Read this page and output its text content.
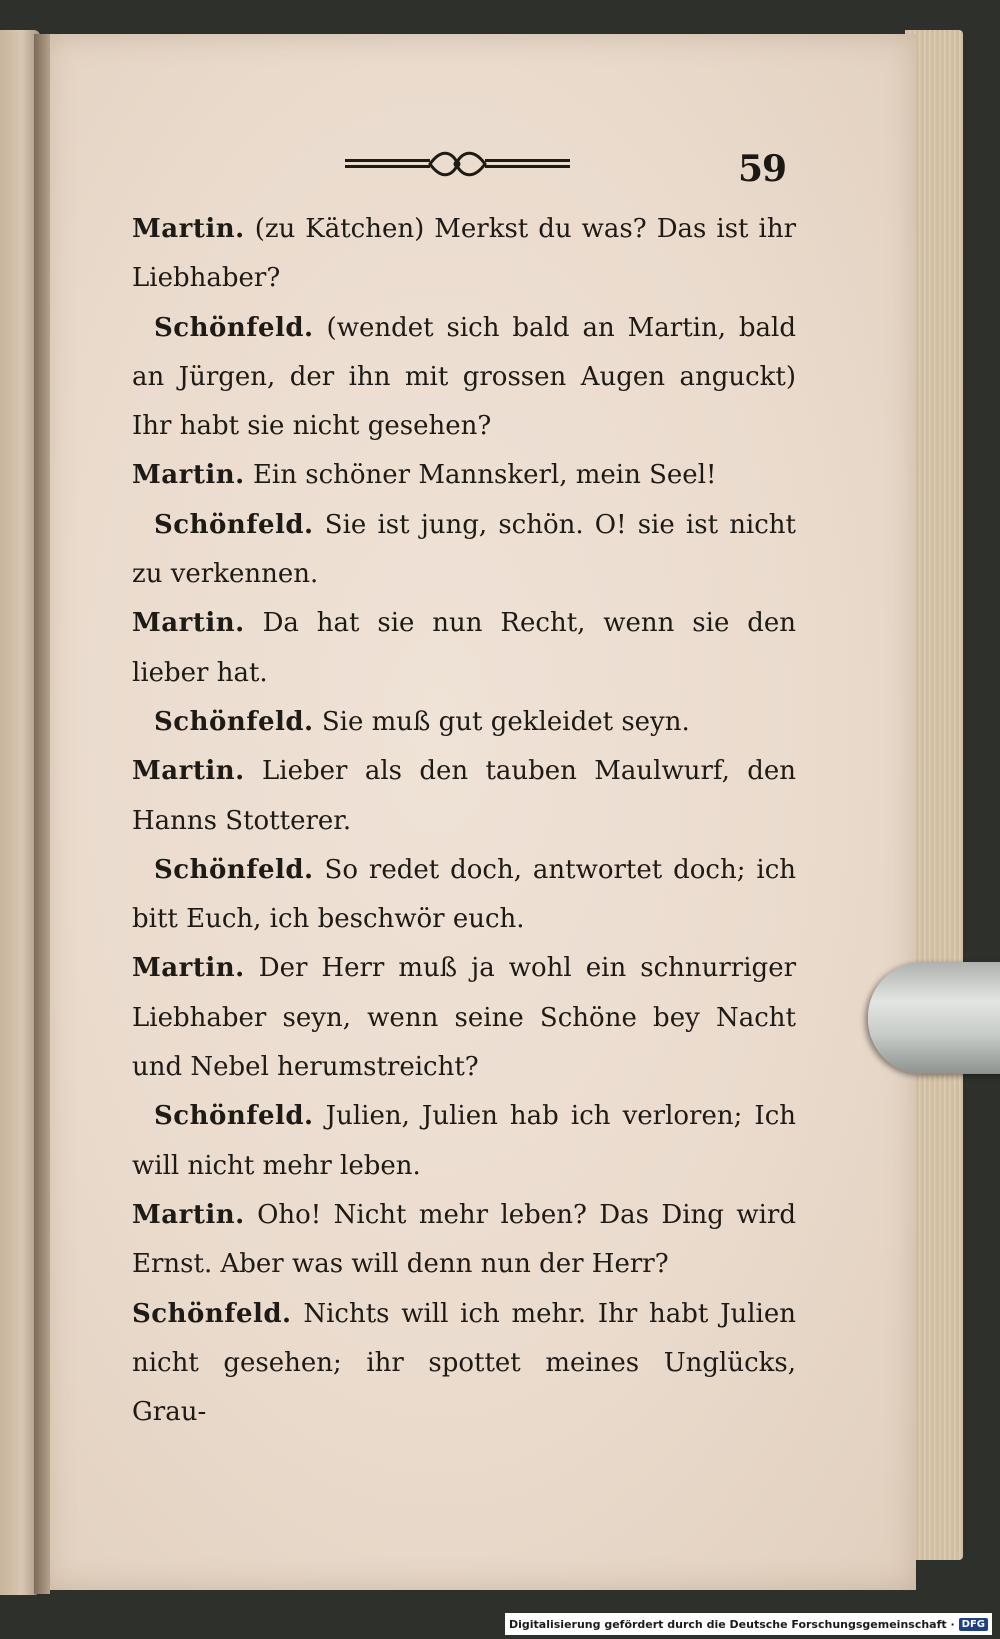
59

Martin. (zu Kätchen) Merkst du was? Das ist ihr Liebhaber?

Schönfeld. (wendet sich bald an Martin, bald an Jürgen, der ihn mit grossen Augen anguckt) Ihr habt sie nicht gesehen?

Martin. Ein schöner Mannskerl, mein Seel!

Schönfeld. Sie ist jung, schön. O! sie ist nicht zu verkennen.

Martin. Da hat sie nun Recht, wenn sie den lieber hat.

Schönfeld. Sie muß gut gekleidet seyn.

Martin. Lieber als den tauben Maulwurf, den Hanns Stotterer.

Schönfeld. So redet doch, antwortet doch; ich bitt Euch, ich beschwör euch.

Martin. Der Herr muß ja wohl ein schnurriger Liebhaber seyn, wenn seine Schöne bey Nacht und Nebel herumstreicht?

Schönfeld. Julien, Julien hab ich verloren; Ich will nicht mehr leben.

Martin. Oho! Nicht mehr leben? Das Ding wird Ernst. Aber was will denn nun der Herr?

Schönfeld. Nichts will ich mehr. Ihr habt Julien nicht gesehen; ihr spottet meines Unglücks, Grau-

Digitalisierung gefördert durch die Deutsche Forschungsgemeinschaft · DFG
